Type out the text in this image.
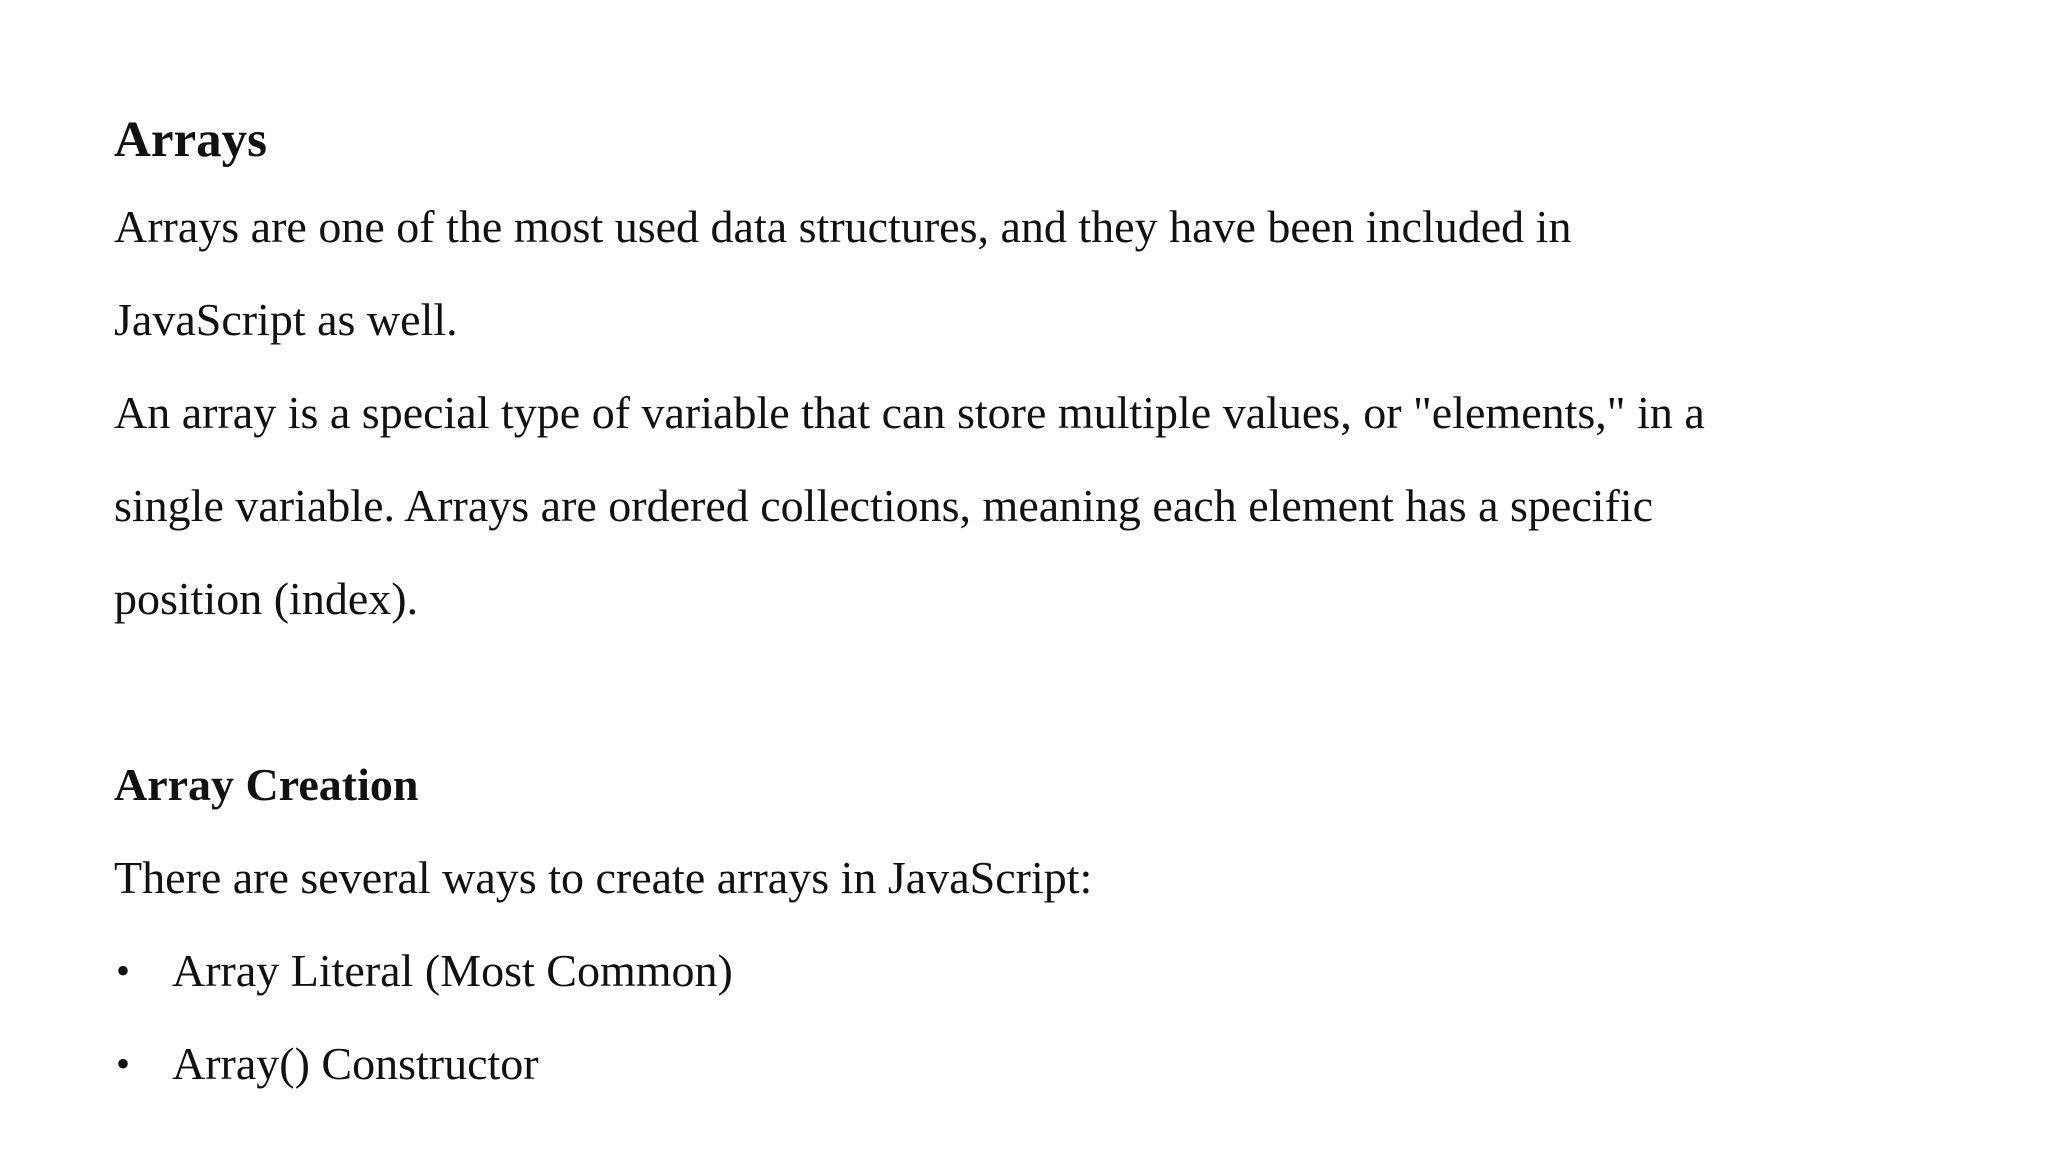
Arrays

Arrays are one of the most used data structures, and they have been included in

JavaScript as well.

An array is a special type of variable that can store multiple values, or "elements," in a

single variable. Arrays are ordered collections, meaning each element has a specific

position (index).

Array Creation

There are several ways to create arrays in JavaScript:

• Array Literal (Most Common)
• Array() Constructor
